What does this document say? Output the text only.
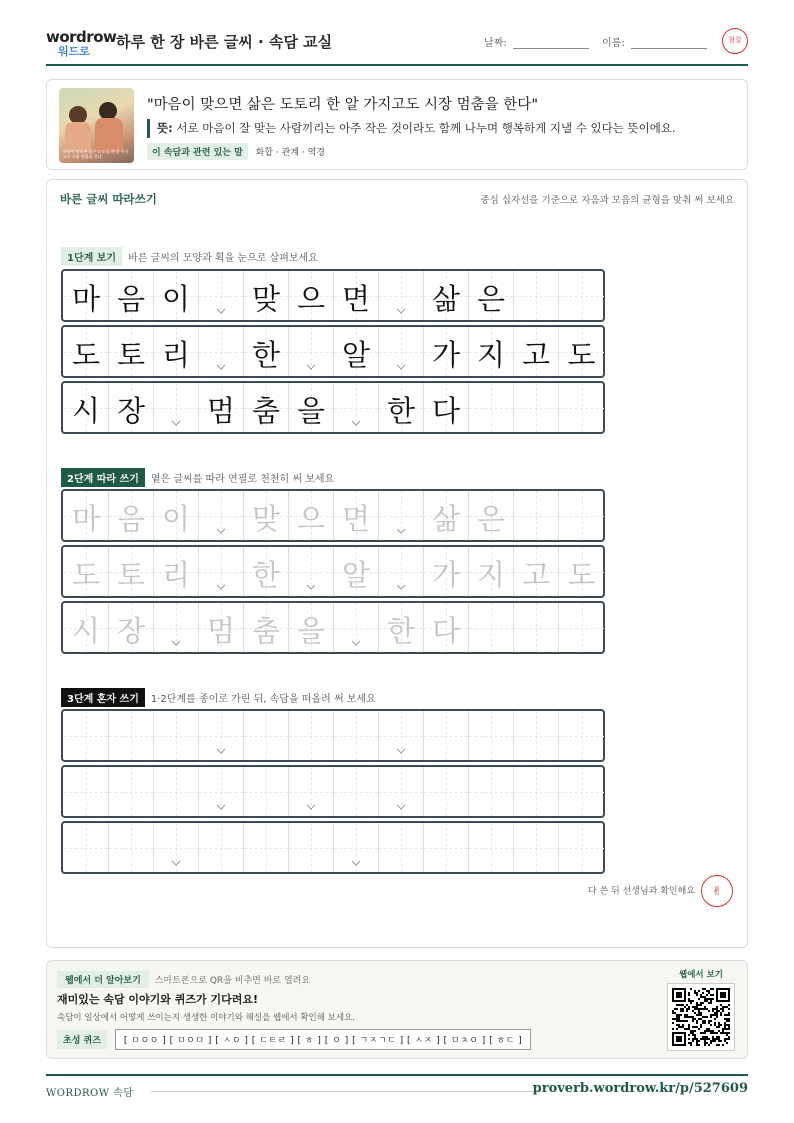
wordrow
워드로
하루 한 장 바른 글씨 · 속담 교실	날짜:	이름:	참잘
마음이 맞으면 삶은 도토리 한 알 가지고도 시장 멈춤을 한다
"마음이 맞으면 삶은 도토리 한 알 가지고도 시장 멈춤을 한다"
뜻: 서로 마음이 잘 맞는 사람끼리는 아주 작은 것이라도 함께 나누며 행복하게 지낼 수 있다는 뜻이에요.
이 속담과 관련 있는 말 화합 · 관계 · 역경
바른 글씨 따라쓰기	중심 십자선을 기준으로 자음과 모음의 균형을 맞춰 써 보세요
1단계 보기 바른 글씨의 모양과 획을 눈으로 살펴보세요
마 음 이 맞 으 면 삶 은
도 토 리 한 알 가 지 고 도
시 장 멈 춤 을 한 다
2단계 따라 쓰기 옅은 글씨를 따라 연필로 천천히 써 보세요
마 음 이 맞 으 면 삶 은
도 토 리 한 알 가 지 고 도
시 장 멈 춤 을 한 다
3단계 혼자 쓰기 1·2단계를 종이로 가린 뒤, 속담을 떠올려 써 보세요
다 쓴 뒤 선생님과 확인해요✌
웹에서 더 알아보기 스마트폰으로 QR을 비추면 바로 열려요
재미있는 속담 이야기와 퀴즈가 기다려요!
속담이 일상에서 어떻게 쓰이는지 생생한 이야기와 해설을 웹에서 확인해 보세요.
초성 퀴즈	[ ㅁㅇㅇ ] [ ㅁㅇㅁ ] [ ㅅㅇ ] [ ㄷㅌㄹ ] [ ㅎ ] [ ㅇ ] [ ㄱㅈㄱㄷ ] [ ㅅㅈ ] [ ㅁㅊㅇ ] [ ㅎㄷ ]
웹에서 보기
WORDROW 속담	proverb.wordrow.kr/p/527609
